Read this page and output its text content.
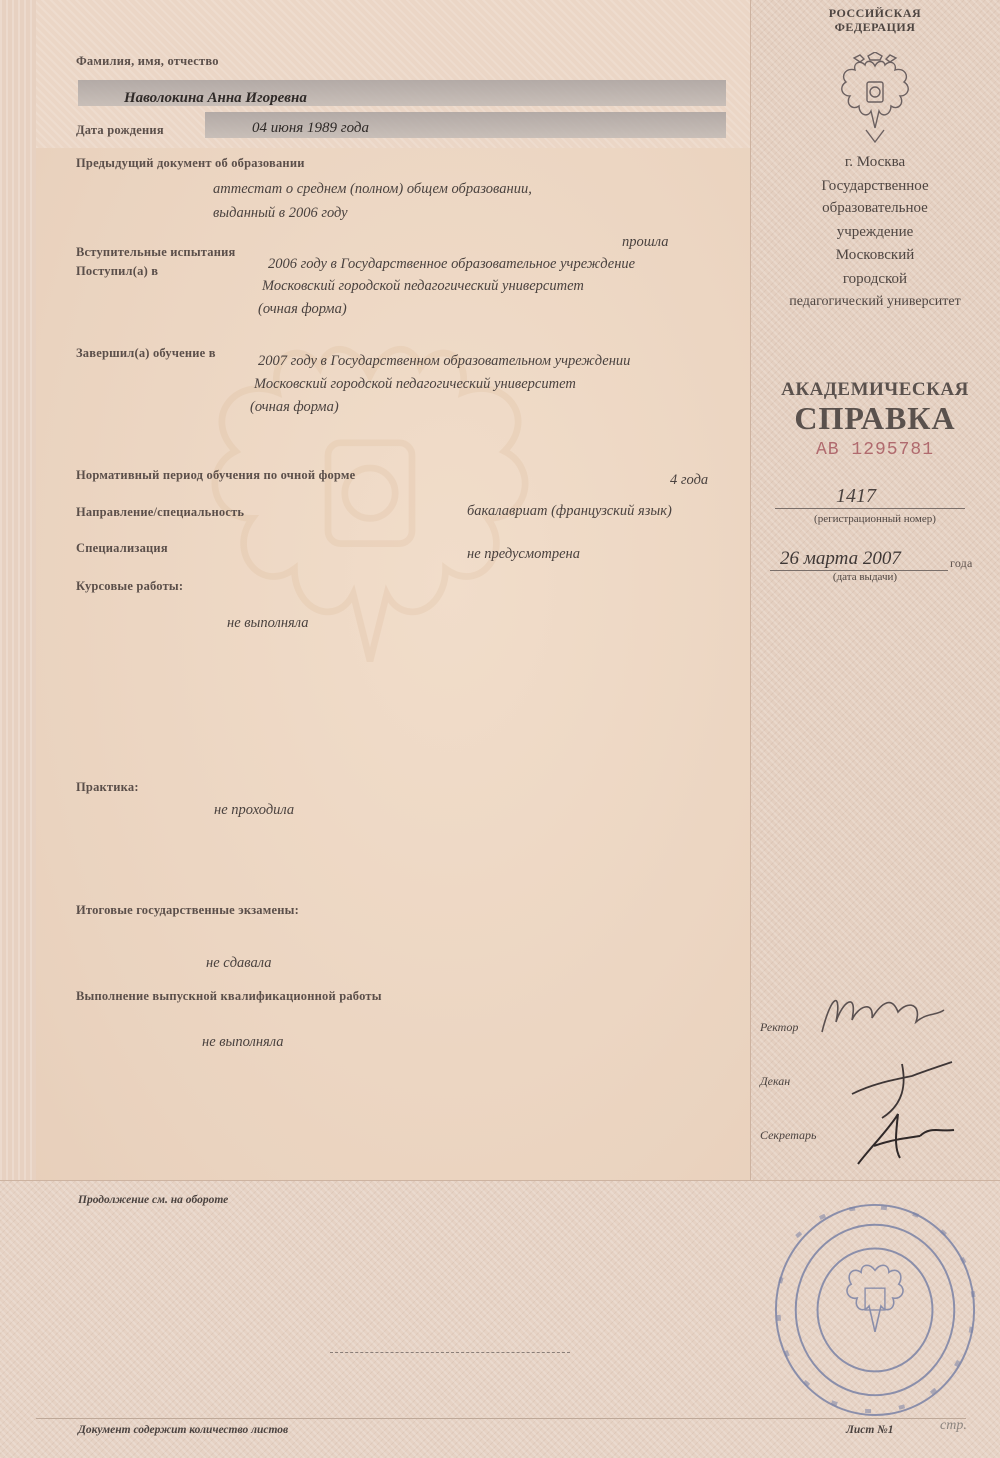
Фамилия, имя, отчество
Наволокина Анна Игоревна
Дата рождения	04 июня 1989 года
Предыдущий документ об образовании
аттестат о среднем (полном) общем образовании,
выданный в 2006 году
Вступительные испытания
прошла
Поступил(а) в	2006 году в Государственное образовательное учреждение
Московский городской педагогический университет
(очная форма)
Завершил(а) обучение в	2007 году в Государственном образовательном учреждении
Московский городской педагогический университет
(очная форма)
Нормативный период обучения по очной форме	4 года
Направление/специальность	бакалавриат (французский язык)
Специализация	не предусмотрена
Курсовые работы:
не выполняла
Практика:
не проходила
Итоговые государственные экзамены:
не сдавала
Выполнение выпускной квалификационной работы
не выполняла
РОССИЙСКАЯ
ФЕДЕРАЦИЯ
г. Москва
Государственное
образовательное
учреждение
Московский
городской
педагогический университет
АКАДЕМИЧЕСКАЯ
СПРАВКА
АВ 1295781
1417
(регистрационный номер)
26 марта 2007	года
(дата выдачи)
Ректор
Декан
Секретарь
Продолжение см. на обороте
Документ содержит количество листов	Лист №1	стр.
